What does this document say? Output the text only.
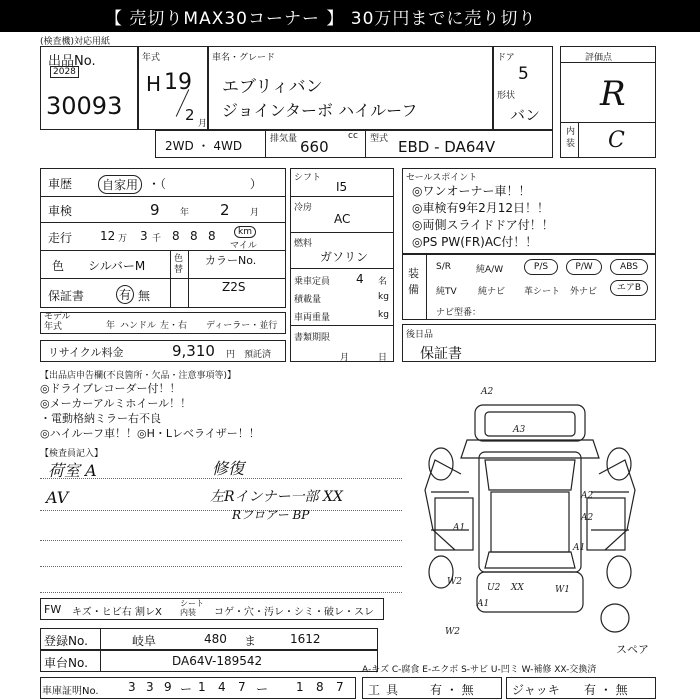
【 売切りMAX30コーナー 】 30万円までに売り切り
(検査機)対応用紙
出品No.
2028
30093
年式
H 19
2 月
車名・グレード
エブリィバン
ジョインターボ ハイルーフ
ドア
5
形状
バン
評価点
R
内装 C
2WD ・ 4WD	排気量 660
cc 型式 EBD - DA64V
車歴	自家用 ・（ ）
車検	9 年 2 月
走行 12 万 3 千 8 8 8	km
マイル
色 シルバーM	色替
カラーNo.
Z2S
保証書	有 無
モデル年式	年 ハンドル 左・右 ディーラー・並行
リサイクル料金	9,310 円 預託済
シフト
I5
冷房
AC
燃料
ガソリン
乗車定員 4 名
積載量	kg
車両重量	kg
書類期限
月	日
セールスポイント
◎ワンオーナー車！！
◎車検有9年2月12日！！
◎両側スライドドア付！！
◎PS PW(FR)AC付！！
装備
S/R	純A/W	P/S	P/W	ABS
純TV 純ナビ 革シート 外ナビ	エアB
ナビ型番：
後日品
保証書
【出品店申告欄(不良箇所・欠品・注意事項等)】
◎ドライブレコーダー付！！
◎メーカーアルミホイール！！
・電動格納ミラー右不良
◎ハイルーフ車！！◎H・Lレベライザー！！
【検査員記入】
荷室 A	修復
AV	左Rインナー一部 XX
Rフロアー BP
A2
A3
A2
A2
A1
A1
W2
U2 XX	W1
A1
W2
スペア
FW キズ・ヒビ右 割レX
シート内装	コゲ・穴・汚レ・シミ・破レ・スレ
登録No.	岐阜	480 ま	1612
車台No.	DA64V-189542
A-キズ C-腐食 E-エクボ S-サビ U-凹ミ W-補修 XX-交換済
車庫証明No. 3 3 9 ー 1 4 7 ー 1 8 7 工具 有 ・ 無	ジャッキ 有 ・ 無
